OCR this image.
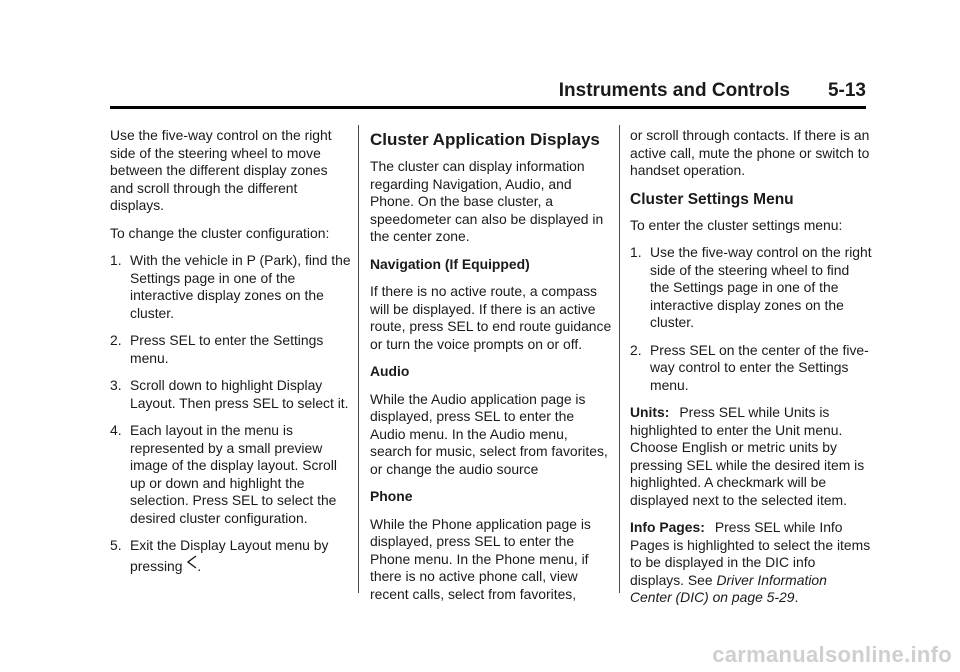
Instruments and Controls 5-13

Use the five-way control on the right side of the steering wheel to move between the different display zones and scroll through the different displays.

To change the cluster configuration:

1. With the vehicle in P (Park), find the Settings page in one of the interactive display zones on the cluster.
2. Press SEL to enter the Settings menu.
3. Scroll down to highlight Display Layout. Then press SEL to select it.
4. Each layout in the menu is represented by a small preview image of the display layout. Scroll up or down and highlight the selection. Press SEL to select the desired cluster configuration.
5. Exit the Display Layout menu by pressing .
Cluster Application Displays

The cluster can display information regarding Navigation, Audio, and Phone. On the base cluster, a speedometer can also be displayed in the center zone.

Navigation (If Equipped)

If there is no active route, a compass will be displayed. If there is an active route, press SEL to end route guidance or turn the voice prompts on or off.

Audio

While the Audio application page is displayed, press SEL to enter the Audio menu. In the Audio menu, search for music, select from favorites, or change the audio source

Phone

While the Phone application page is displayed, press SEL to enter the Phone menu. In the Phone menu, if there is no active phone call, view recent calls, select from favorites,

or scroll through contacts. If there is an active call, mute the phone or switch to handset operation.

Cluster Settings Menu

To enter the cluster settings menu:

1. Use the five-way control on the right side of the steering wheel to find the Settings page in one of the interactive display zones on the cluster.
2. Press SEL on the center of the five-way control to enter the Settings menu.

Units: Press SEL while Units is highlighted to enter the Unit menu. Choose English or metric units by pressing SEL while the desired item is highlighted. A checkmark will be displayed next to the selected item.

Info Pages: Press SEL while Info Pages is highlighted to select the items to be displayed in the DIC info displays. See Driver Information Center (DIC) on page 5-29.

carmanualsonline.info
